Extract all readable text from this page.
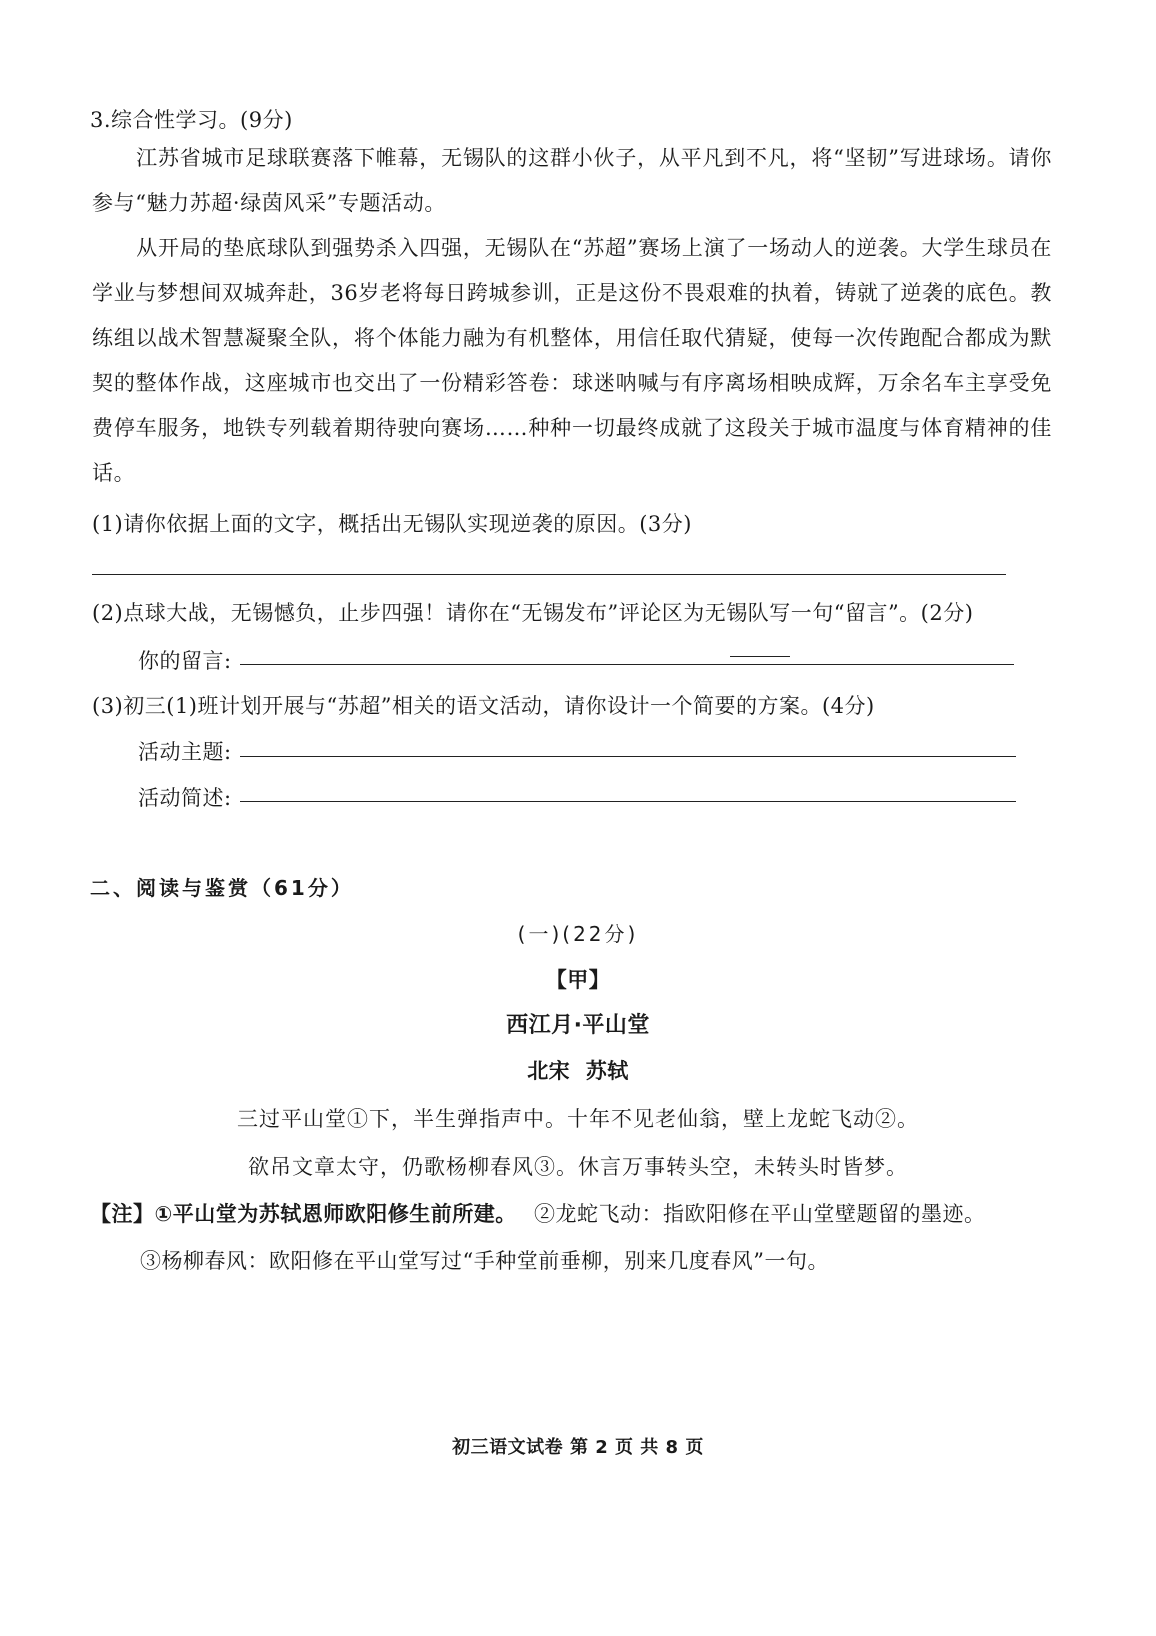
3.综合性学习。(9分)
江苏省城市足球联赛落下帷幕，无锡队的这群小伙子，从平凡到不凡，将“坚韧”写进球场。请你参与“魅力苏超·绿茵风采”专题活动。
从开局的垫底球队到强势杀入四强，无锡队在“苏超”赛场上演了一场动人的逆袭。大学生球员在学业与梦想间双城奔赴，36岁老将每日跨城参训，正是这份不畏艰难的执着，铸就了逆袭的底色。教练组以战术智慧凝聚全队，将个体能力融为有机整体，用信任取代猜疑，使每一次传跑配合都成为默契的整体作战，这座城市也交出了一份精彩答卷：球迷呐喊与有序离场相映成辉，万余名车主享受免费停车服务，地铁专列载着期待驶向赛场……种种一切最终成就了这段关于城市温度与体育精神的佳话。
(1)请你依据上面的文字，概括出无锡队实现逆袭的原因。(3分)
(2)点球大战，无锡憾负，止步四强！请你在“无锡发布”评论区为无锡队写一句“留言”。(2分)
你的留言:
(3)初三(1)班计划开展与“苏超”相关的语文活动，请你设计一个简要的方案。(4分)
活动主题:
活动简述:
二、阅读与鉴赏（61分）
(一)(22分)
【甲】
西江月·平山堂
北宋  苏轼
三过平山堂①下，半生弹指声中。十年不见老仙翁，壁上龙蛇飞动②。
欲吊文章太守，仍歌杨柳春风③。休言万事转头空，未转头时皆梦。
【注】①平山堂为苏轼恩师欧阳修生前所建。 ②龙蛇飞动：指欧阳修在平山堂壁题留的墨迹。
③杨柳春风：欧阳修在平山堂写过“手种堂前垂柳，别来几度春风”一句。
初三语文试卷 第 2 页 共 8 页
